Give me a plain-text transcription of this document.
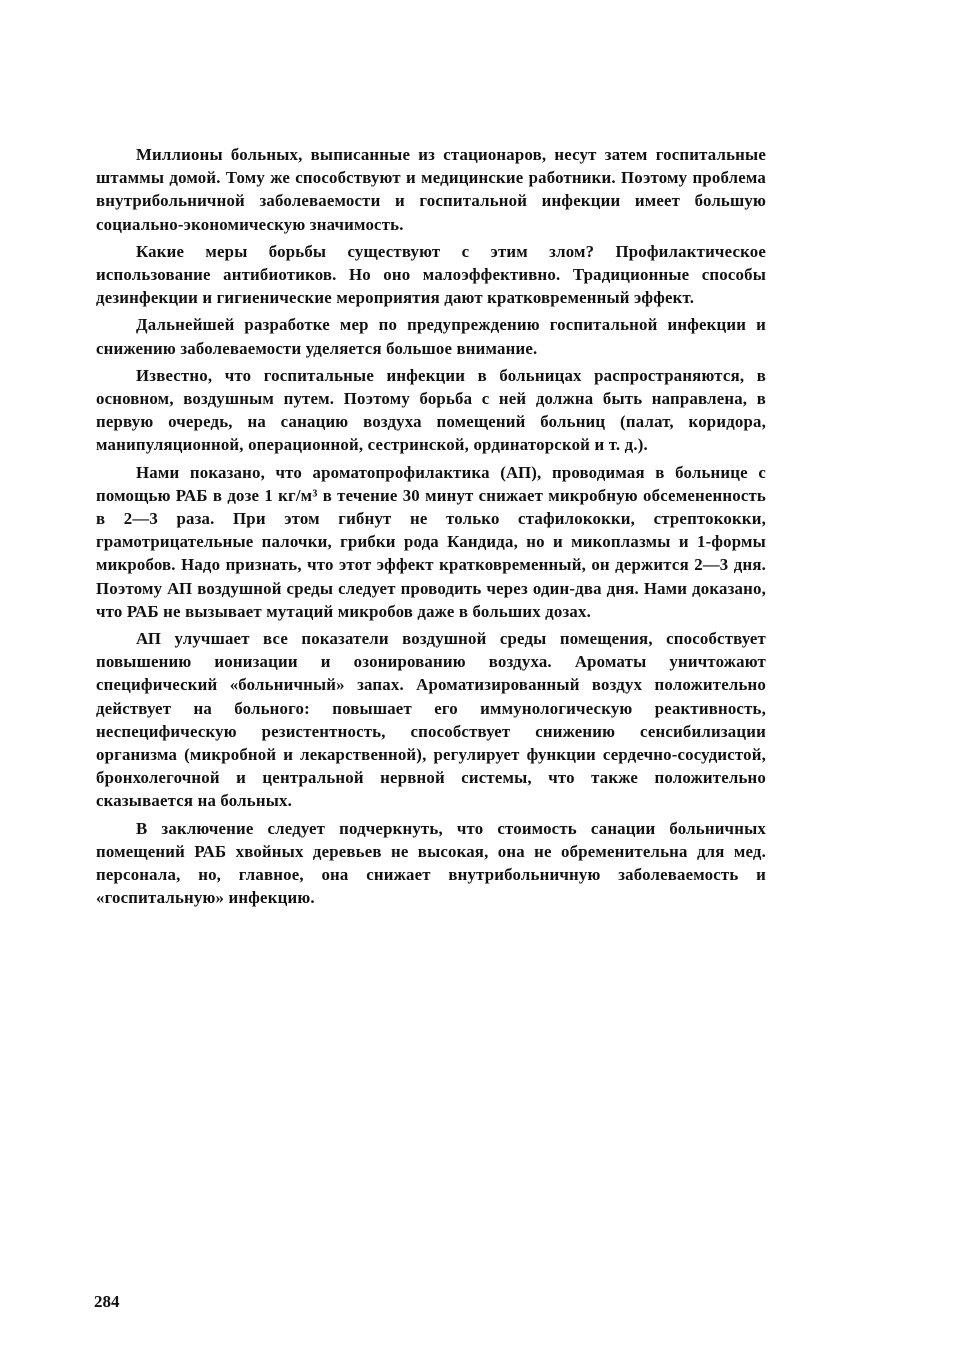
Миллионы больных, выписанные из стационаров, несут затем госпитальные штаммы домой. Тому же способствуют и медицинские работники. Поэтому проблема внутрибольничной заболеваемости и госпитальной инфекции имеет большую социально-экономическую значимость.

Какие меры борьбы существуют с этим злом? Профилактическое использование антибиотиков. Но оно малоэффективно. Традиционные способы дезинфекции и гигиенические мероприятия дают кратковременный эффект.

Дальнейшей разработке мер по предупреждению госпитальной инфекции и снижению заболеваемости уделяется большое внимание.

Известно, что госпитальные инфекции в больницах распространяются, в основном, воздушным путем. Поэтому борьба с ней должна быть направлена, в первую очередь, на санацию воздуха помещений больниц (палат, коридора, манипуляционной, операционной, сестринской, ординаторской и т. д.).

Нами показано, что ароматопрофилактика (АП), проводимая в больнице с помощью РАБ в дозе 1 кг/м³ в течение 30 минут снижает микробную обсемененность в 2—3 раза. При этом гибнут не только стафилококки, стрептококки, грамотрицательные палочки, грибки рода Кандида, но и микоплазмы и 1-формы микробов. Надо признать, что этот эффект кратковременный, он держится 2—3 дня. Поэтому АП воздушной среды следует проводить через один-два дня. Нами доказано, что РАБ не вызывает мутаций микробов даже в больших дозах.

АП улучшает все показатели воздушной среды помещения, способствует повышению ионизации и озонированию воздуха. Ароматы уничтожают специфический «больничный» запах. Ароматизированный воздух положительно действует на больного: повышает его иммунологическую реактивность, неспецифическую резистентность, способствует снижению сенсибилизации организма (микробной и лекарственной), регулирует функции сердечно-сосудистой, бронхолегочной и центральной нервной системы, что также положительно сказывается на больных.

В заключение следует подчеркнуть, что стоимость санации больничных помещений РАБ хвойных деревьев не высокая, она не обременительна для мед. персонала, но, главное, она снижает внутрибольничную заболеваемость и «госпитальную» инфекцию.

284
